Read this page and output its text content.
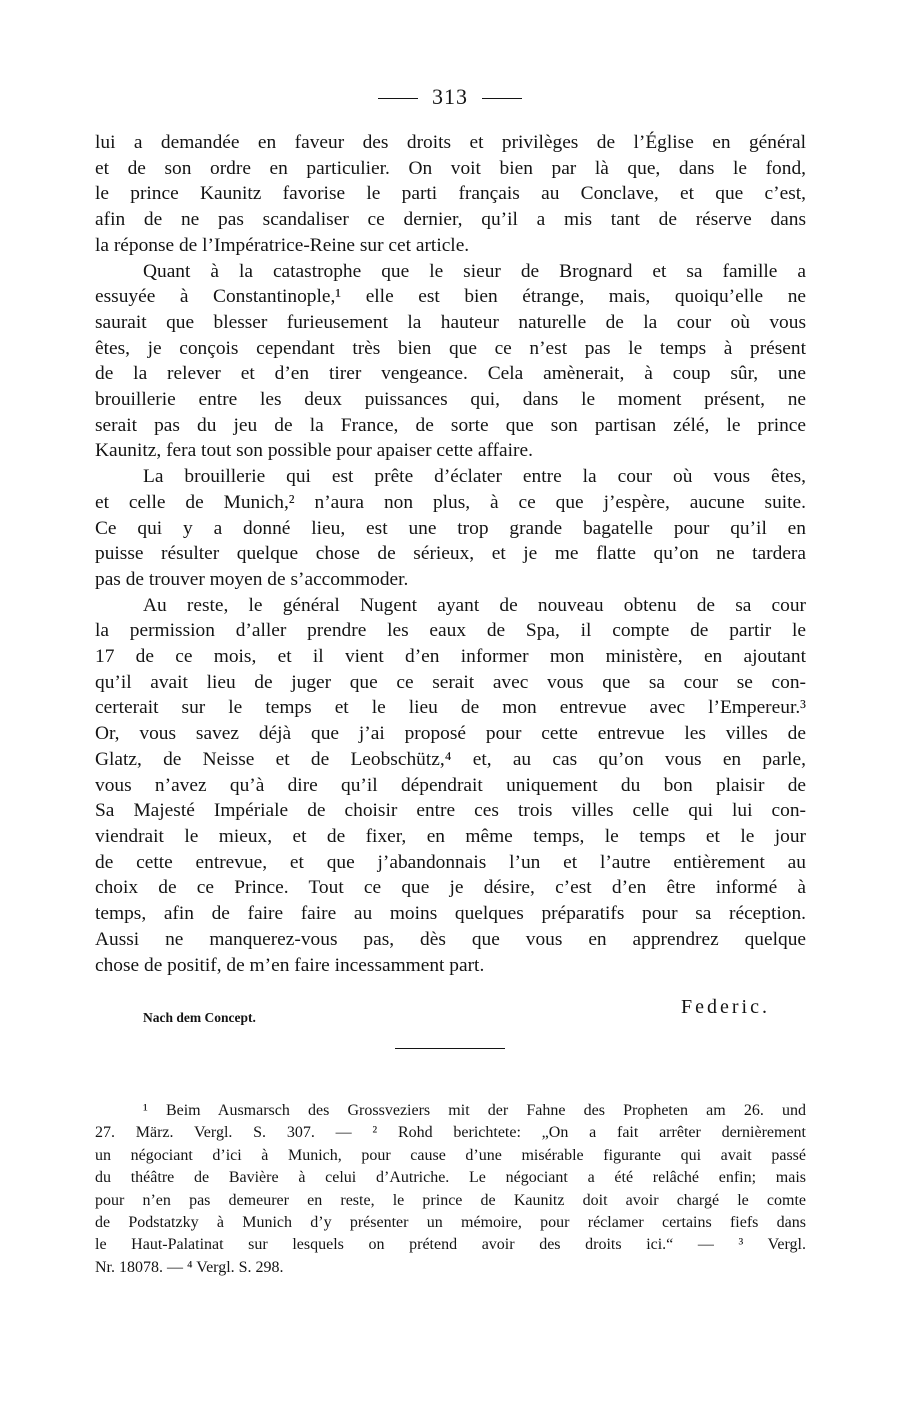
313
lui a demandée en faveur des droits et privilèges de l’Église en général
et de son ordre en particulier. On voit bien par là que, dans le fond,
le prince Kaunitz favorise le parti français au Conclave, et que c’est,
afin de ne pas scandaliser ce dernier, qu’il a mis tant de réserve dans
la réponse de l’Impératrice-Reine sur cet article.
Quant à la catastrophe que le sieur de Brognard et sa famille a
essuyée à Constantinople,¹ elle est bien étrange, mais, quoiqu’elle ne
saurait que blesser furieusement la hauteur naturelle de la cour où vous
êtes, je conçois cependant très bien que ce n’est pas le temps à présent
de la relever et d’en tirer vengeance. Cela amènerait, à coup sûr, une
brouillerie entre les deux puissances qui, dans le moment présent, ne
serait pas du jeu de la France, de sorte que son partisan zélé, le prince
Kaunitz, fera tout son possible pour apaiser cette affaire.
La brouillerie qui est prête d’éclater entre la cour où vous êtes,
et celle de Munich,² n’aura non plus, à ce que j’espère, aucune suite.
Ce qui y a donné lieu, est une trop grande bagatelle pour qu’il en
puisse résulter quelque chose de sérieux, et je me flatte qu’on ne tardera
pas de trouver moyen de s’accommoder.
Au reste, le général Nugent ayant de nouveau obtenu de sa cour
la permission d’aller prendre les eaux de Spa, il compte de partir le
17 de ce mois, et il vient d’en informer mon ministère, en ajoutant
qu’il avait lieu de juger que ce serait avec vous que sa cour se con-
certerait sur le temps et le lieu de mon entrevue avec l’Empereur.³
Or, vous savez déjà que j’ai proposé pour cette entrevue les villes de
Glatz, de Neisse et de Leobschütz,⁴ et, au cas qu’on vous en parle,
vous n’avez qu’à dire qu’il dépendrait uniquement du bon plaisir de
Sa Majesté Impériale de choisir entre ces trois villes celle qui lui con-
viendrait le mieux, et de fixer, en même temps, le temps et le jour
de cette entrevue, et que j’abandonnais l’un et l’autre entièrement au
choix de ce Prince. Tout ce que je désire, c’est d’en être informé à
temps, afin de faire faire au moins quelques préparatifs pour sa réception.
Aussi ne manquerez-vous pas, dès que vous en apprendrez quelque
chose de positif, de m’en faire incessamment part.
Nach dem Concept.	Federic.
¹ Beim Ausmarsch des Grossveziers mit der Fahne des Propheten am 26. und
27. März. Vergl. S. 307. — ² Rohd berichtete: „On a fait arrêter dernièrement
un négociant d’ici à Munich, pour cause d’une misérable figurante qui avait passé
du théâtre de Bavière à celui d’Autriche. Le négociant a été relâché enfin; mais
pour n’en pas demeurer en reste, le prince de Kaunitz doit avoir chargé le comte
de Podstatzky à Munich d’y présenter un mémoire, pour réclamer certains fiefs dans
le Haut-Palatinat sur lesquels on prétend avoir des droits ici.“ — ³ Vergl.
Nr. 18078. — ⁴ Vergl. S. 298.
